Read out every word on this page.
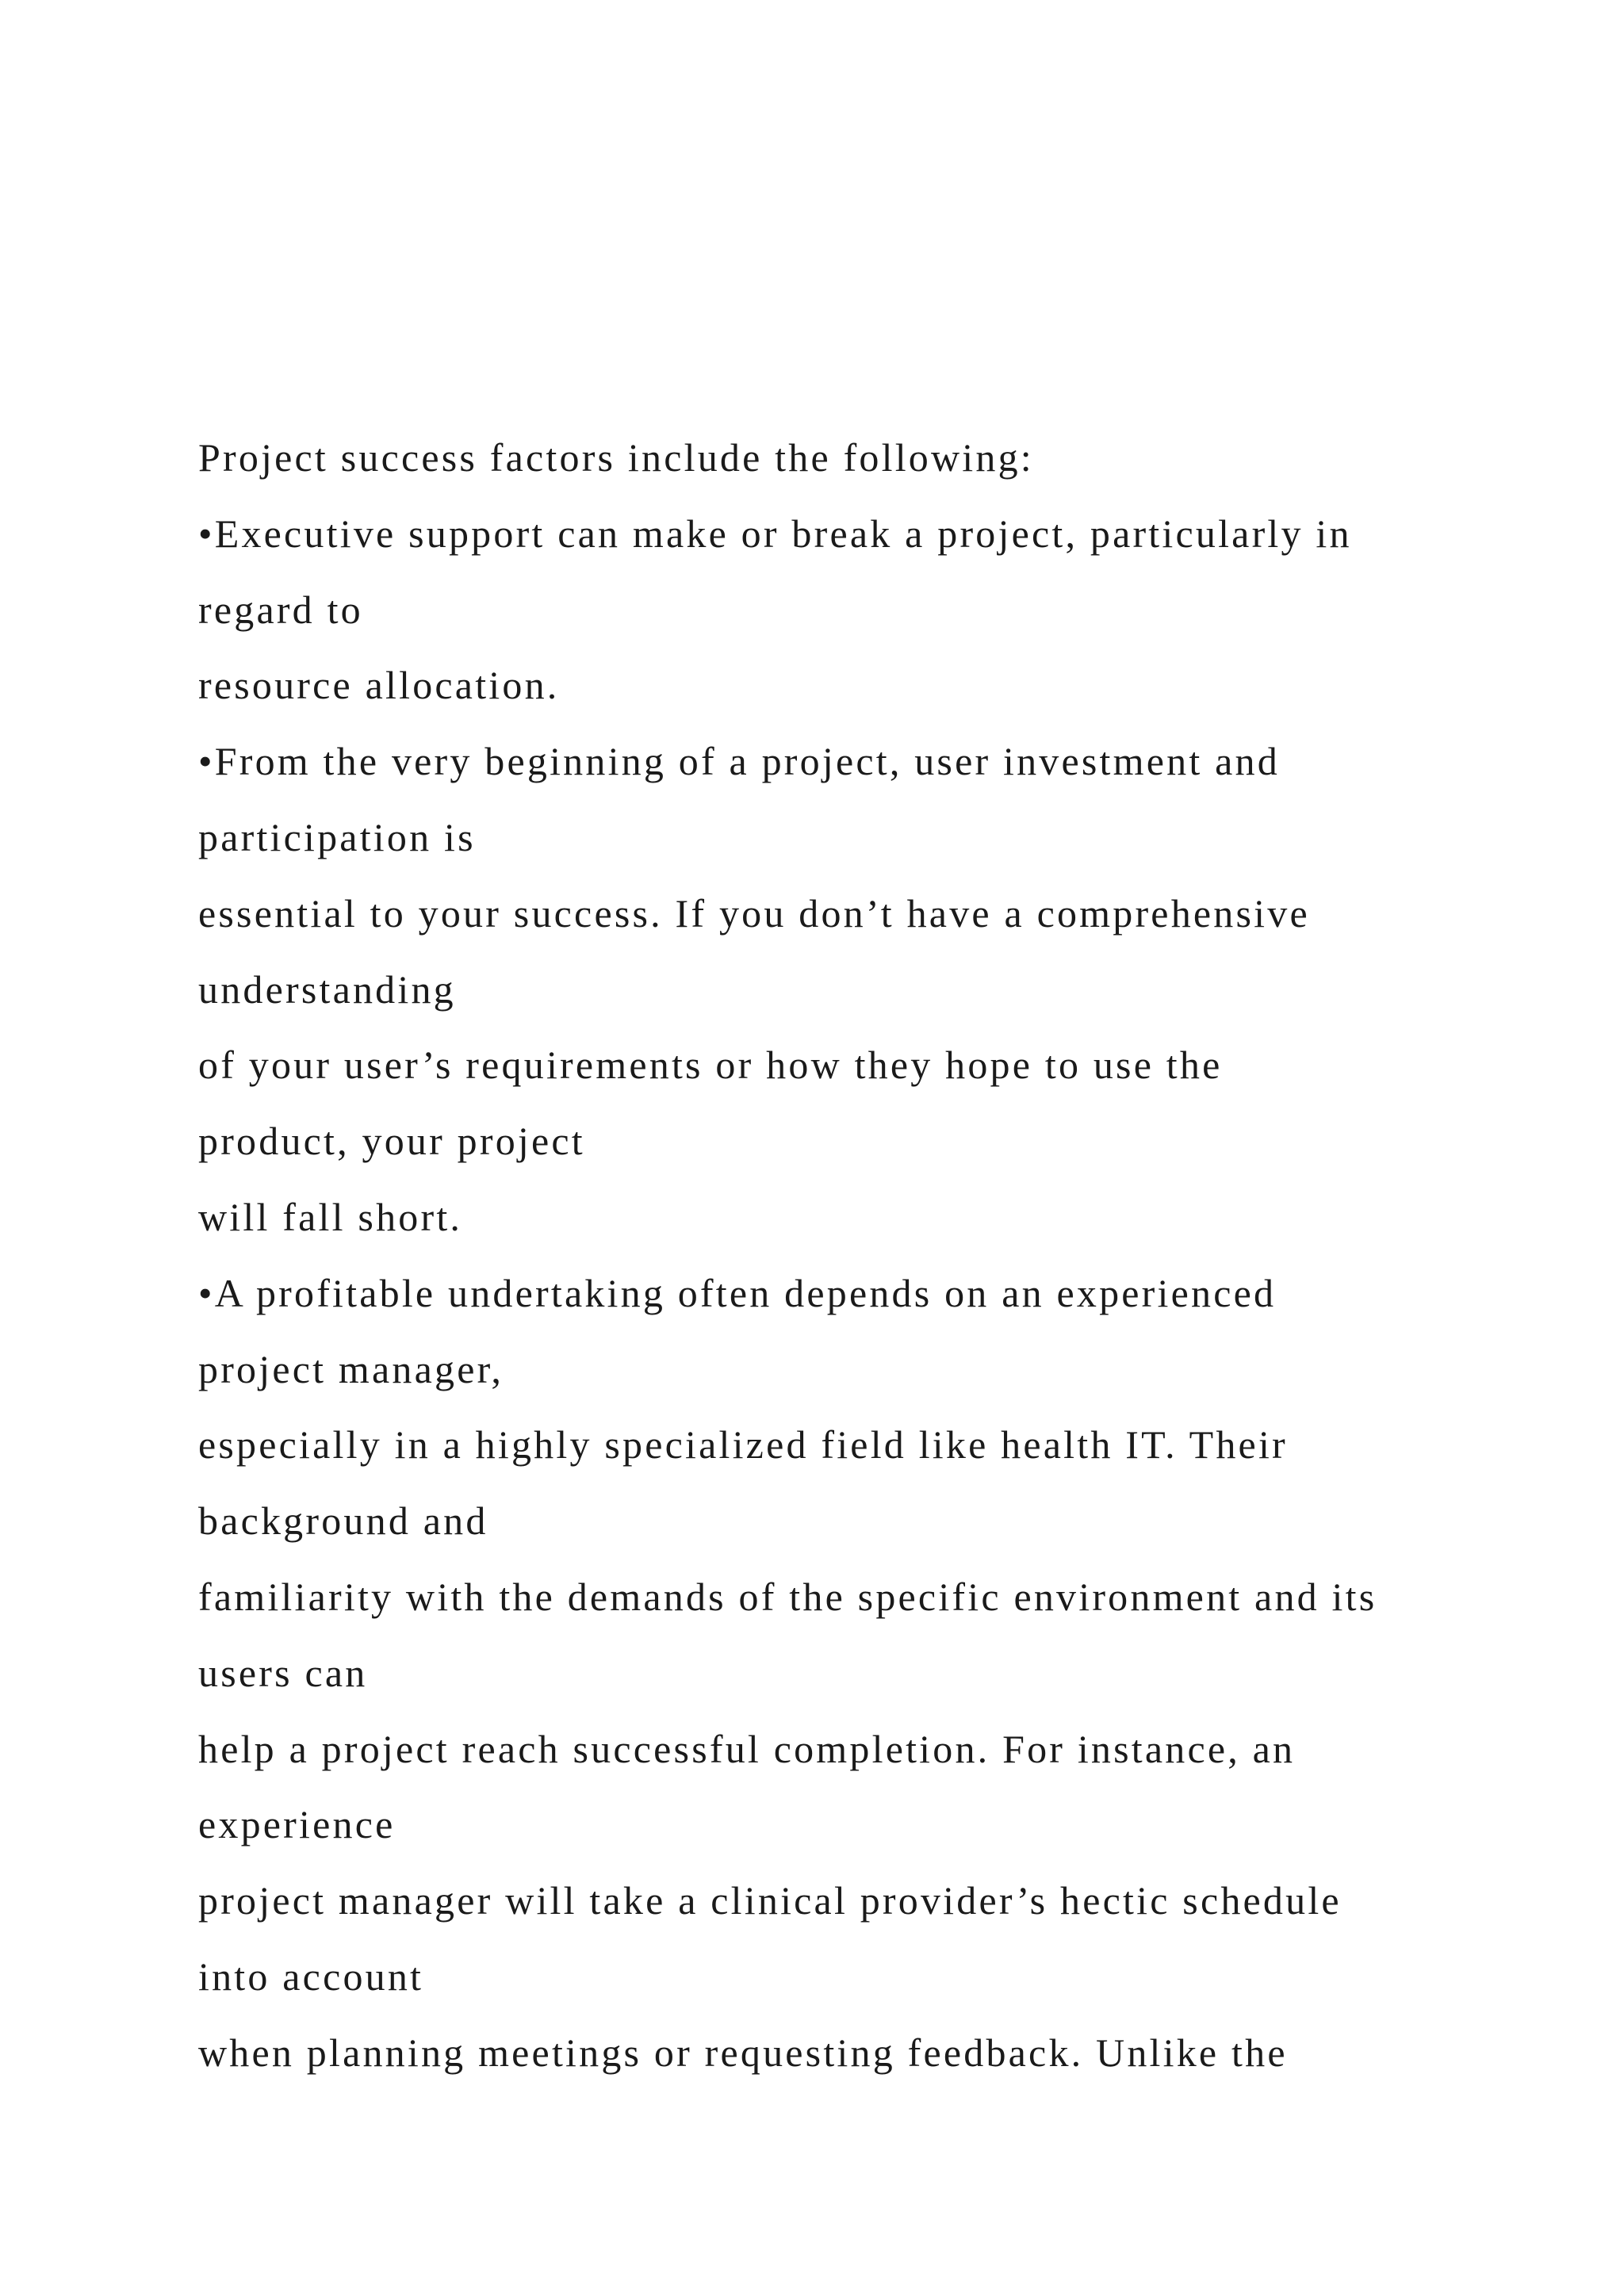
Project success factors include the following:
•Executive support can make or break a project, particularly in
regard to
resource allocation.
•From the very beginning of a project, user investment and
participation is
essential to your success. If you don’t have a comprehensive
understanding
of your user’s requirements or how they hope to use the
product, your project
will fall short.
•A profitable undertaking often depends on an experienced
project manager,
especially in a highly specialized field like health IT. Their
background and
familiarity with the demands of the specific environment and its
users can
help a project reach successful completion. For instance, an
experience
project manager will take a clinical provider’s hectic schedule
into account
when planning meetings or requesting feedback. Unlike the
